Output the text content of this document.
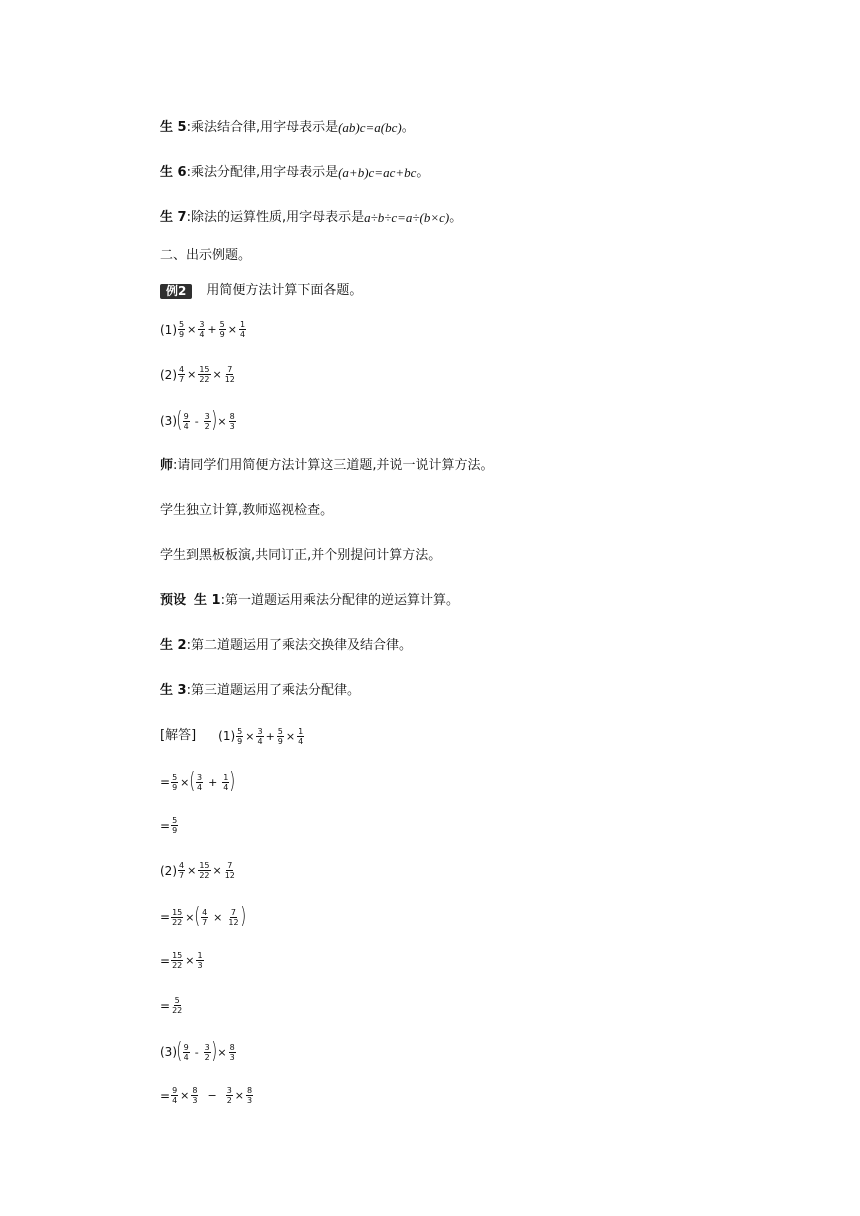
生 5 :乘法结合律,用字母表示是 (ab)c=a(bc) 。
生 6 :乘法分配律,用字母表示是 (a+b)c=ac+bc 。
生 7 :除法的运算性质,用字母表示是 a÷b÷c=a÷(b×c) 。
二、出示例题。
例2	用简便方法计算下面各题。
$(1) \frac{5}{9} \times \frac{3}{4} + \frac{5}{9} \times \frac{1}{4}$
$(2) \frac{4}{7} \times \frac{15}{22} \times \frac{7}{12}$
(3) ( $\frac{9}{4} - \frac{3}{2}$ ) × $\frac{8}{3}$
师 :请同学们用简便方法计算这三道题,并说一说计算方法。
学生独立计算,教师巡视检查。
学生到黑板板演,共同订正,并个别提问计算方法。
预设 生 1 :第一道题运用乘法分配律的逆运算计算。
生 2 :第二道题运用了乘法交换律及结合律。
生 3 :第三道题运用了乘法分配律。
[解答] $(1) \frac{5}{9} \times \frac{3}{4} + \frac{5}{9} \times \frac{1}{4}$
= $\frac{5}{9}$ × ( $\frac{3}{4} + \frac{1}{4}$ )
= $\frac{5}{9}$
$(2) \frac{4}{7} \times \frac{15}{22} \times \frac{7}{12}$
= $\frac{15}{22}$ × ( $\frac{4}{7} \times \frac{7}{12}$ )
= $\frac{15}{22} \times \frac{1}{3}$
= $\frac{5}{22}$
(3) ( $\frac{9}{4} - \frac{3}{2}$ ) × $\frac{8}{3}$
= $\frac{9}{4} \times \frac{8}{3} - \frac{3}{2} \times \frac{8}{3}$
